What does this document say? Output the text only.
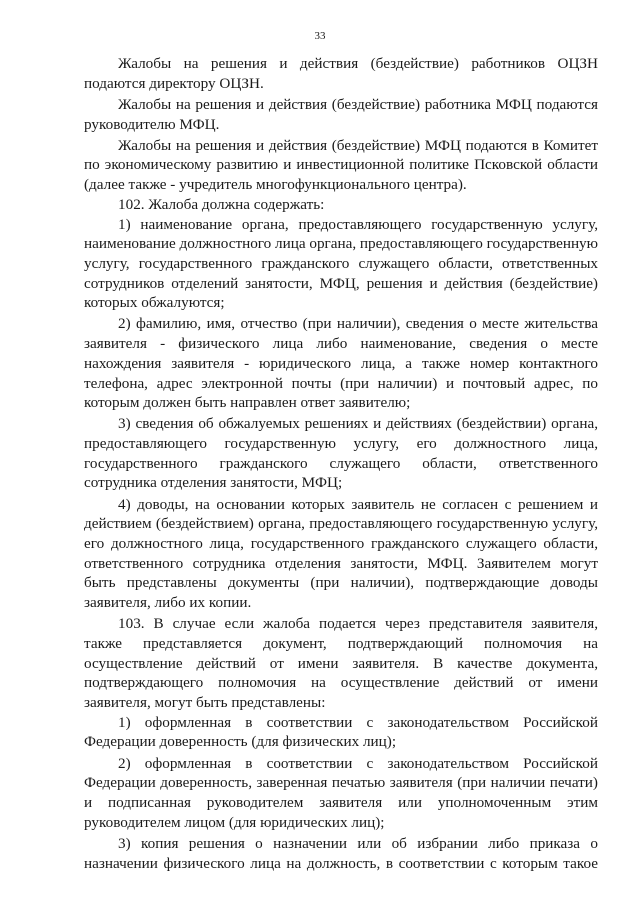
33
Жалобы на решения и действия (бездействие) работников ОЦЗН
подаются директору ОЦЗН.
Жалобы на решения и действия (бездействие) работника МФЦ подаются
руководителю МФЦ.
Жалобы на решения и действия (бездействие) МФЦ подаются в Комитет
по экономическому развитию и инвестиционной политике Псковской области
(далее также - учредитель многофункционального центра).
102. Жалоба должна содержать:
1) наименование органа, предоставляющего государственную услугу,
наименование должностного лица органа, предоставляющего государственную
услугу, государственного гражданского служащего области, ответственных
сотрудников отделений занятости, МФЦ, решения и действия (бездействие)
которых обжалуются;
2) фамилию, имя, отчество (при наличии), сведения о месте жительства
заявителя - физического лица либо наименование, сведения о месте
нахождения заявителя - юридического лица, а также номер контактного
телефона, адрес электронной почты (при наличии) и почтовый адрес, по
которым должен быть направлен ответ заявителю;
3) сведения об обжалуемых решениях и действиях (бездействии) органа,
предоставляющего государственную услугу, его должностного лица,
государственного гражданского служащего области, ответственного
сотрудника отделения занятости, МФЦ;
4) доводы, на основании которых заявитель не согласен с решением и
действием (бездействием) органа, предоставляющего государственную услугу,
его должностного лица, государственного гражданского служащего области,
ответственного сотрудника отделения занятости, МФЦ. Заявителем могут
быть представлены документы (при наличии), подтверждающие доводы
заявителя, либо их копии.
103. В случае если жалоба подается через представителя заявителя,
также представляется документ, подтверждающий полномочия на
осуществление действий от имени заявителя. В качестве документа,
подтверждающего полномочия на осуществление действий от имени
заявителя, могут быть представлены:
1) оформленная в соответствии с законодательством Российской
Федерации доверенность (для физических лиц);
2) оформленная в соответствии с законодательством Российской
Федерации доверенность, заверенная печатью заявителя (при наличии печати)
и подписанная руководителем заявителя или уполномоченным этим
руководителем лицом (для юридических лиц);
3) копия решения о назначении или об избрании либо приказа о
назначении физического лица на должность, в соответствии с которым такое
